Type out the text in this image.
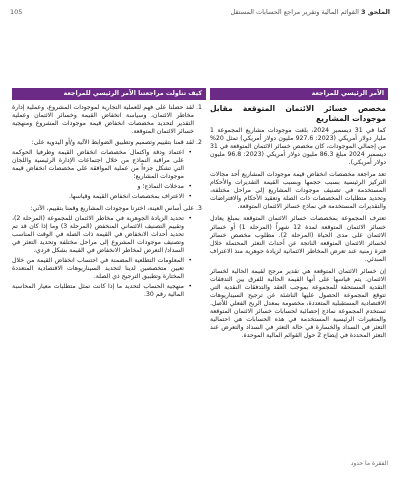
105	الملحق 3 القوائم المالية وتقرير مراجع الحسابات المستقل
الأمر الرئيسي للمراجعة
كيف تناولت مراجعتنا الأمر الرئيسي للمراجعة

مخصص خسائر الائتمان المتوقعة مقابل موجودات المشاريع

كما في 31 ديسمبر 2024، بلغت موجودات مشاريع المجموعة 1 مليار دولار أمريكي (2023: 927.6 مليون دولار أمريكي) تمثل 20% من إجمالي الموجودات، كان مخصص خسائر الائتمان المتوقعة في 31 ديسمبر 2024 مبلغ 86.3 مليون دولار أمريكي (2023: 96.8 مليون دولار أمريكي).

تعد مراجعة مخصصات انخفاض قيمة موجودات المشاريع أحد مجالات التركيز الرئيسية بسبب حجمها وبسبب القيمة التقديرات والأحكام المستخدمة في تصنيف موجودات المشاريع إلى مراحل مختلفة، وتحديد متطلبات المخصصات ذات الصلة وتعقيد الأحكام والافتراضات والتقديرات المستخدمة في نماذج خسائر الائتمان المتوقعة.

تعترف المجموعة بمخصصات خسائر الائتمان المتوقعة بمبلغ يعادل خسائر الائتمان المتوقعة لمدة 12 شهراً (المرحلة 1) أو خسائر الائتمان على مدى الحياة (المرحلة 2). مطلوب مخصص خسائر لخسائر الائتمان المتوقعة الناتجة عن أحداث التعثر المحتملة خلال فترة زمنية عند تعرض المخاطر الائتمانية لزيادة جوهرية منذ الاعتراف المبدئي.

إن خسائر الائتمان المتوقعة هي تقدير مرجح لقيمة الحالية لخسائر الائتمان. يتم قياسها على أنها القيمة الحالية للفرق بين التدفقات النقدية المستحقة للمجموعة بموجب العقد والتدفقات النقدية التي تتوقع المجموعة الحصول عليها الناشئة عن ترجيح السيناريوهات الاقتصادية المستقبلية المتعددة، مخصومة بمعدل الربح الفعلي للأصل. تستخدم المجموعة نماذج إحصائية لحسابات خسائر الائتمان المتوقعة والمتغيرات الرئيسية المستخدمة في هذه الحسابات هي احتمالية التعثر في السداد والخسارة في حالة التعثر في السداد والتعرض عند التعثر المحددة في إيضاح 2 حول القوائم المالية الموحدة.

1. لقد حصلنا على فهم للعملية التجارية لموجودات المشروع، وعملية إدارة مخاطر الائتمان، وسياسة انخفاض القيمة وخسائر الائتمان وعملية التقدير لتحديد مخصصات انخفاض قيمة موجودات المشروع ومنهجية خسائر الائتمان المتوقعة.
2. لقد قمنا بتقييم وتصميم وتطبيق الضوابط الآلية و/أو اليدوية على:
• اعتماد ودقة واكتمال مخصصات انخفاض القيمة وطرفيا الحوكمة على مراقبة النماذج من خلال اجتماعات الإدارة الرئيسية واللجان التي تشكل جزءاً من عملية الموافقة على مخصصات انخفاض قيمة موجودات المشاريع؛
• مدخلات النماذج؛ و
• الاعتراف بمخصصات انخفاض القيمة وقياسها.
3. على أساس العينة، اخترنا موجودات المشاريع وقمنا بتقييم، الآتي:
• تحديد الزيادة الجوهرية في مخاطر الائتمان للمجموعة (المرحلة 2)، وتقييم التصنيف الائتماني المنخفض (المرحلة 3) وما إذا كان قد تم تحديد أحداث الانخفاض في القيمة ذات الصلة في الوقت المناسب وتصنيف موجودات المشروع إلى مراحل مختلفة وتحديد التعثر في السداد/ التعرض لمخاطر الانخفاض في القيمة بشكل فردي،
• المعلومات التطلعية المضمنة في احتساب انخفاض القيمة من خلال تعيين متخصصين لدينا لتحديد السيناريوهات الاقتصادية المتعددة المختارة وتطبيق الترجيح ذي الصلة.
• منهجية الحساب لتحديد ما إذا كانت تمثل متطلبات معيار المحاسبة المالية رقم 30.
الفقرة ما حدود
